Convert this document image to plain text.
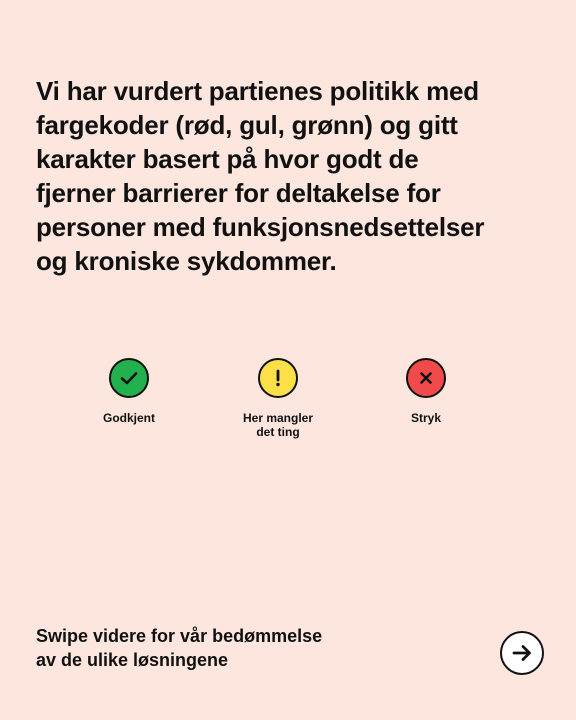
Vi har vurdert partienes politikk med
fargekoder (rød, gul, grønn) og gitt
karakter basert på hvor godt de
fjerner barrierer for deltakelse for
personer med funksjonsnedsettelser
og kroniske sykdommer.

Godkjent	Her mangler
det ting
Stryk

Swipe videre for vår bedømmelse
av de ulike løsningene
